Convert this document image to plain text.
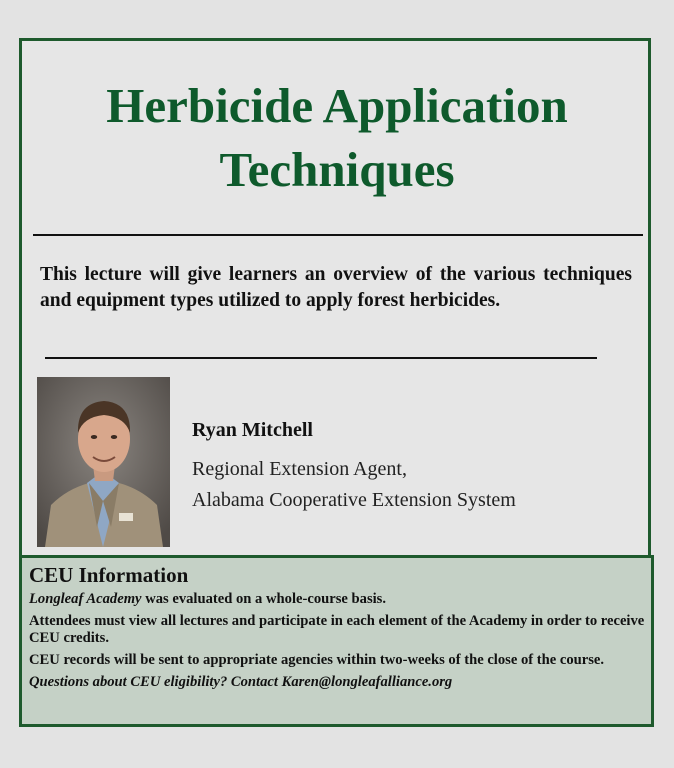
Herbicide Application
Techniques

This lecture will give learners an overview of the various techniques and equipment types utilized to apply forest herbicides.

Ryan Mitchell
Regional Extension Agent,
Alabama Cooperative Extension System
CEU Information

Longleaf Academy was evaluated on a whole-course basis.

Attendees must view all lectures and participate in each element of the Academy in order to receive CEU credits.

CEU records will be sent to appropriate agencies within two-weeks of the close of the course.

Questions about CEU eligibility? Contact Karen@longleafalliance.org
